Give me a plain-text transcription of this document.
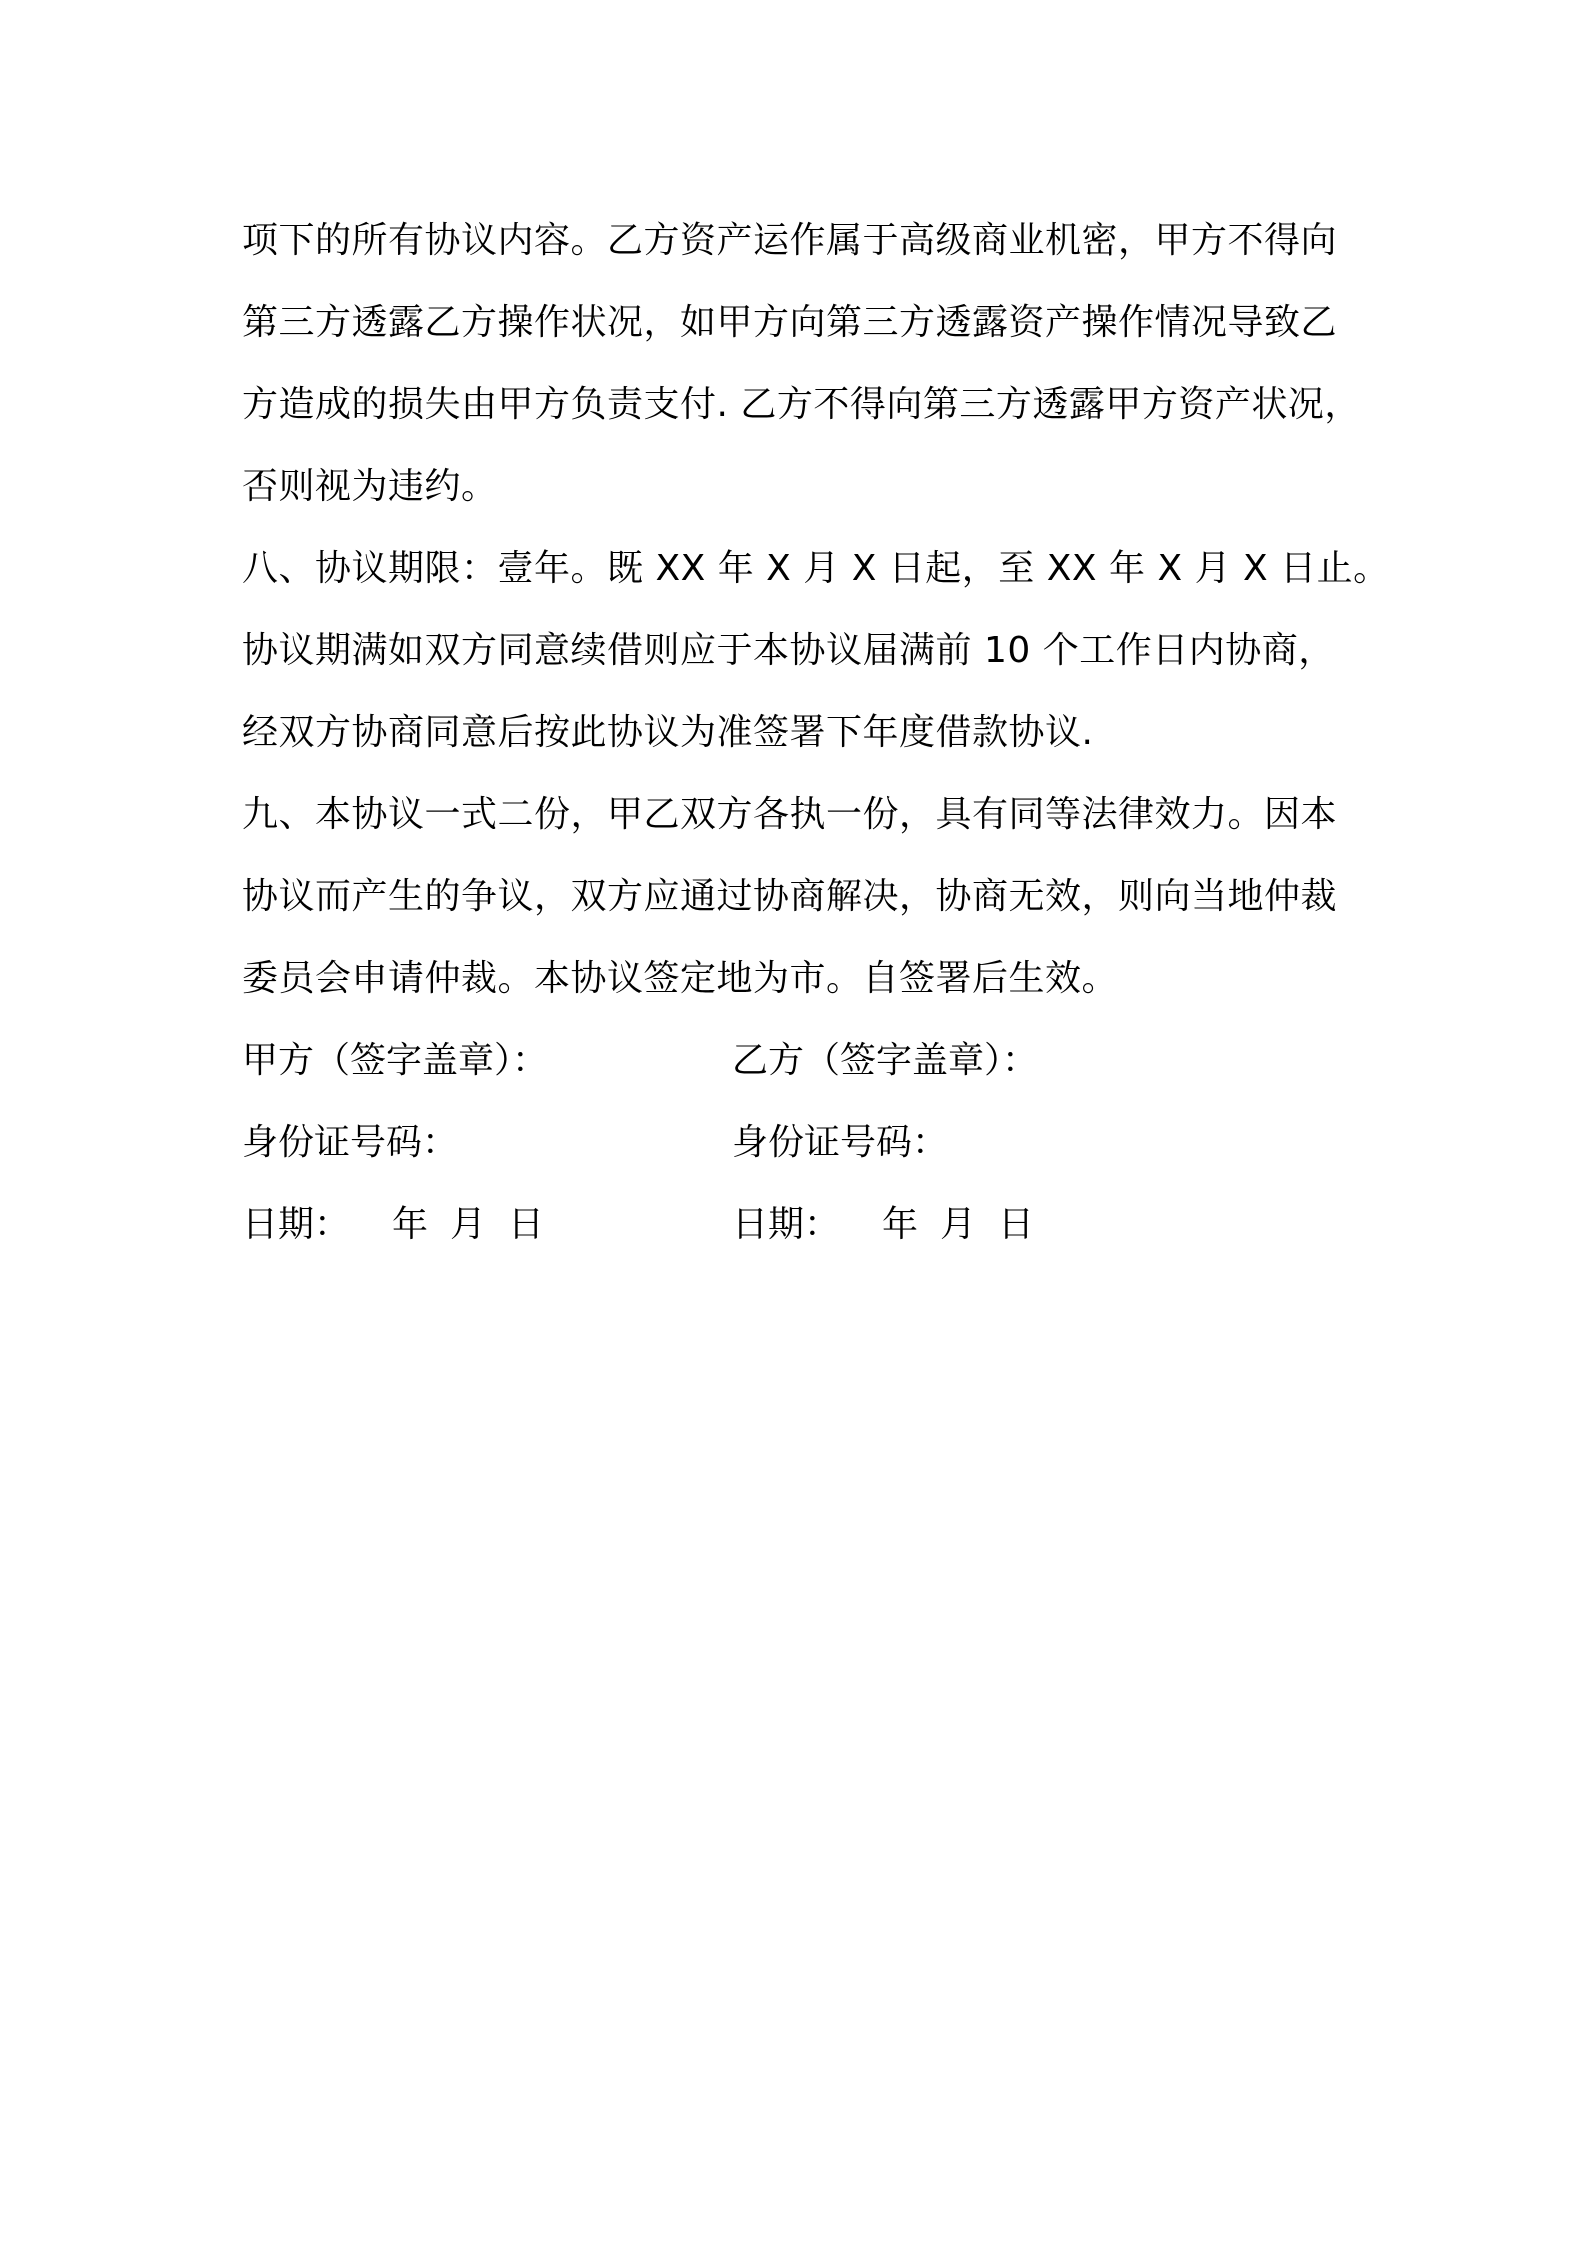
项下的所有协议内容。乙方资产运作属于高级商业机密，甲方不得向
第三方透露乙方操作状况，如甲方向第三方透露资产操作情况导致乙
方造成的损失由甲方负责支付. 乙方不得向第三方透露甲方资产状况，
否则视为违约。
八、协议期限：壹年。既 XX 年 X 月 X 日起，至 XX 年 X 月 X 日止。
协议期满如双方同意续借则应于本协议届满前 10 个工作日内协商，
经双方协商同意后按此协议为准签署下年度借款协议.
九、本协议一式二份，甲乙双方各执一份，具有同等法律效力。因本
协议而产生的争议，双方应通过协商解决，协商无效，则向当地仲裁
委员会申请仲裁。本协议签定地为市。自签署后生效。
甲方（签字盖章）：	乙方（签字盖章）：
身份证号码：	身份证号码：
日期： 年 月 日	日期： 年 月 日
